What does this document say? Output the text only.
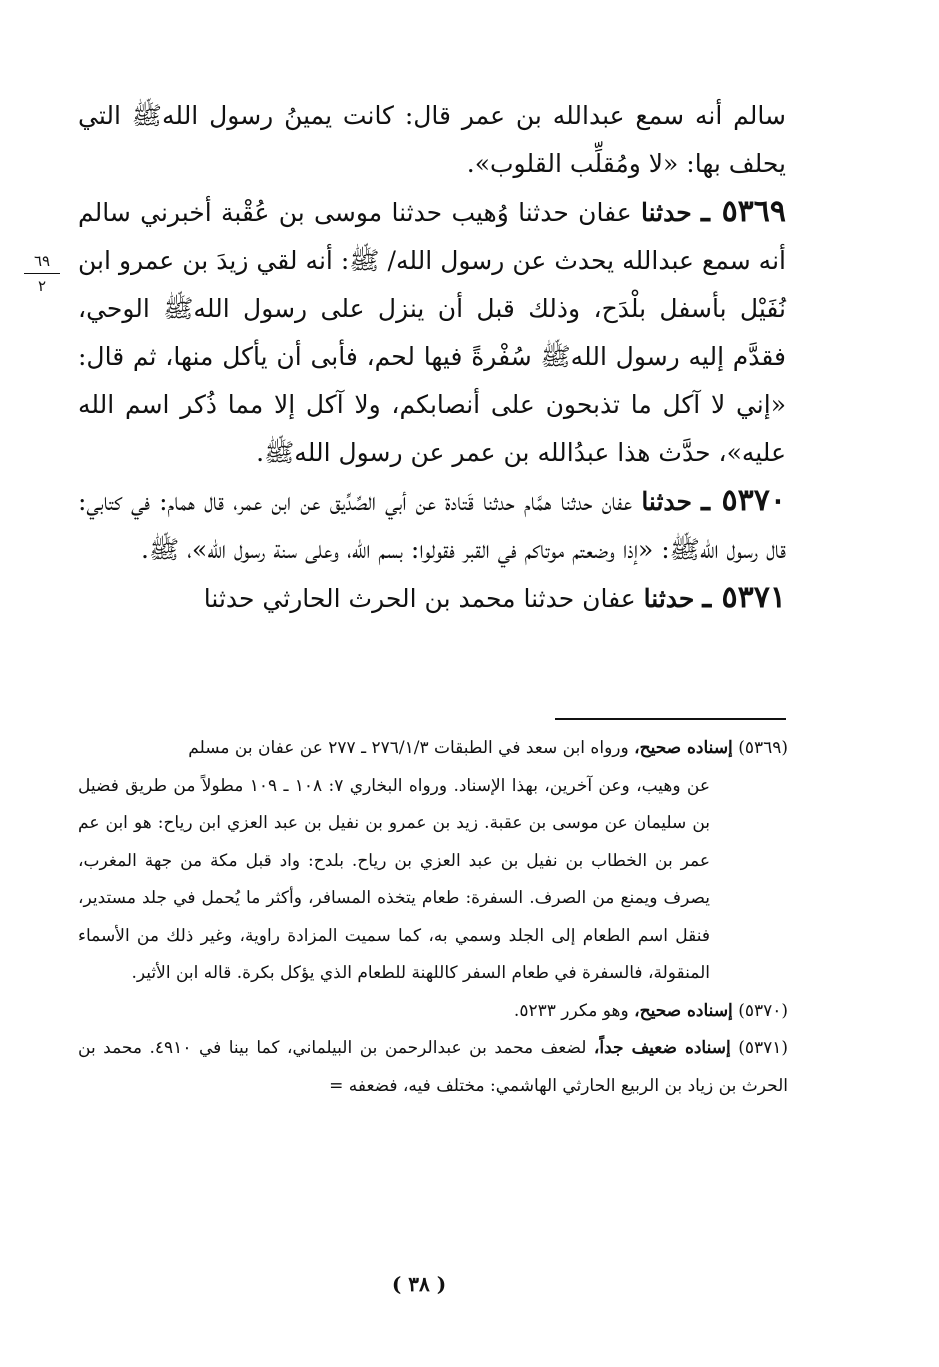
سالم أنه سمع عبدالله بن عمر قال: كانت يمينُ رسول اللهﷺ التي يحلف بها: «لا ومُقلِّب القلوب».

٥٣٦٩ ـ حدثنا عفان حدثنا وُهيب حدثنا موسى بن عُقْبة أخبرني سالم أنه سمع عبدالله يحدث عن رسول الله/ ﷺ: أنه لقي زيدَ بن عمرو ابن نُفَيْل بأسفل بلْدَح، وذلك قبل أن ينزل على رسول اللهﷺ الوحي، فقدَّم إليه رسول اللهﷺ سُفْرةً فيها لحم، فأبى أن يأكل منها، ثم قال: «إني لا آكل ما تذبحون على أنصابكم، ولا آكل إلا مما ذُكر اسم الله عليه»، حدَّث هذا عبدُالله بن عمر عن رسول اللهﷺ.

٥٣٧٠ ـ حدثنا عفان حدثنا همَّام حدثنا قَتادة عن أبي الصِّدِّيق عن ابن عمر، قال همام: في كتابي: قال رسول اللهﷺ: «إذا وضعتم موتاكم في القبر فقولوا: بسم الله، وعلى سنة رسول الله»، ﷺ.

٥٣٧١ ـ حدثنا عفان حدثنا محمد بن الحرث الحارثي حدثنا

٦٩
٢

(٥٣٦٩) إسناده صحيح، ورواه ابن سعد في الطبقات ٢٧٦/١/٣ ـ ٢٧٧ عن عفان بن مسلم

عن وهيب، وعن آخرين، بهذا الإسناد. ورواه البخاري ٧: ١٠٨ ـ ١٠٩ مطولاً من طريق فضيل بن سليمان عن موسى بن عقبة. زيد بن عمرو بن نفيل بن عبد العزي ابن رياح: هو ابن عم عمر بن الخطاب بن نفيل بن عبد العزي بن رياح. بلدح: واد قبل مكة من جهة المغرب، يصرف ويمنع من الصرف. السفرة: طعام يتخذه المسافر، وأكثر ما يُحمل في جلد مستدير، فنقل اسم الطعام إلى الجلد وسمي به، كما سميت المزادة راوية، وغير ذلك من الأسماء المنقولة، فالسفرة في طعام السفر كاللهنة للطعام الذي يؤكل بكرة. قاله ابن الأثير.

(٥٣٧٠) إسناده صحيح، وهو مكرر ٥٢٣٣.

(٥٣٧١) إسناده ضعيف جداً، لضعف محمد بن عبدالرحمن بن البيلماني، كما بينا في ٤٩١٠. محمد بن الحرث بن زياد بن الربيع الحارثي الهاشمي: مختلف فيه، فضعفه =

( ٣٨ )
